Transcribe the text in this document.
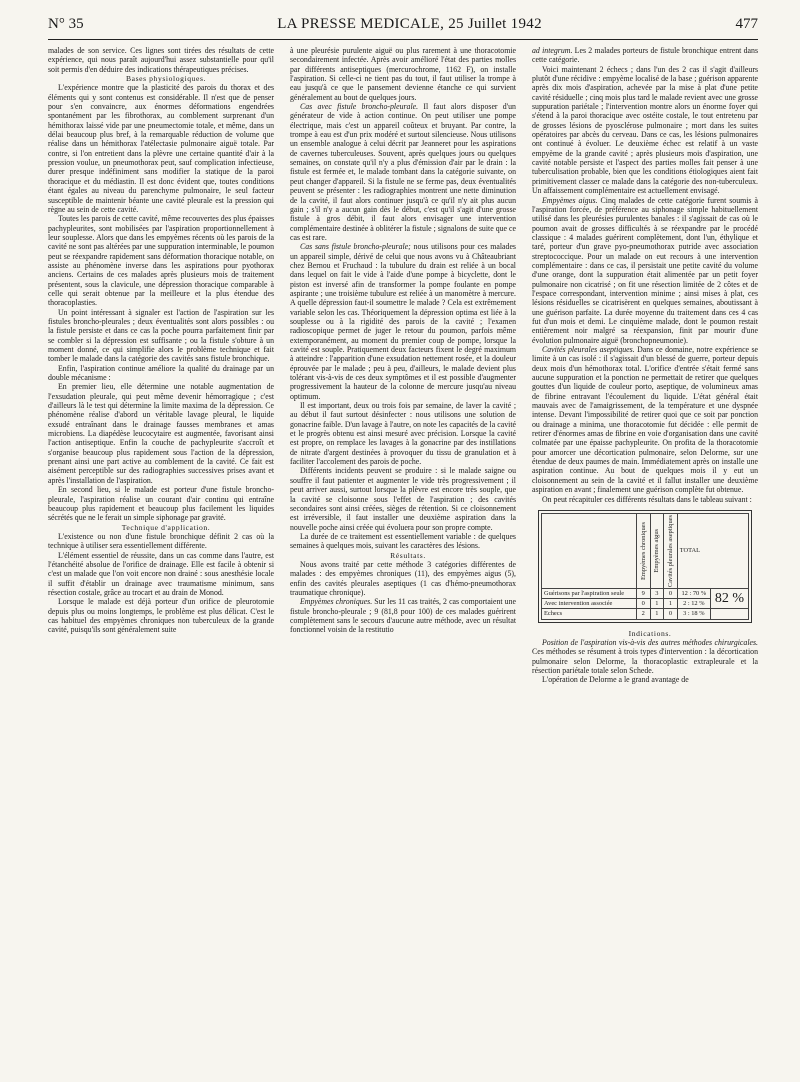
N° 35	LA PRESSE MEDICALE, 25 Juillet 1942	477

malades de son service. Ces lignes sont tirées des résultats de cette expérience, qui nous paraît aujourd'hui assez substantielle pour qu'il soit permis d'en déduire des indications thérapeutiques précises.

Bases physiologiques.

L'expérience montre que la plasticité des parois du thorax et des éléments qui y sont contenus est considérable. Il n'est que de penser pour s'en convaincre, aux énormes déformations engendrées spontanément par les fibrothorax, au comblement surprenant d'un hémithorax laissé vide par une pneumectomie totale, et même, dans un délai beaucoup plus bref, à la remarquable réduction de volume que réalise dans un hémithorax l'atélectasie pulmonaire aiguë totale. Par contre, si l'on entretient dans la plèvre une certaine quantité d'air à la pression voulue, un pneumothorax peut, sauf complication infectieuse, durer presque indéfiniment sans modifier la statique de la paroi thoracique et du médiastin. Il est donc évident que, toutes conditions étant égales au niveau du parenchyme pulmonaire, le seul facteur susceptible de maintenir béante une cavité pleurale est la pression qui règne au sein de cette cavité.

Toutes les parois de cette cavité, même recouvertes des plus épaisses pachypleurites, sont mobilisées par l'aspiration proportionnellement à leur souplesse. Alors que dans les empyèmes récents où les parois de la cavité ne sont pas altérées par une suppuration interminable, le poumon peut se réexpandre rapidement sans déformation thoracique notable, on assiste au phénomène inverse dans les aspirations pour pyothorax anciens. Certains de ces malades après plusieurs mois de traitement présentent, sous la clavicule, une dépression thoracique comparable à celle qui serait obtenue par la meilleure et la plus étendue des thoracoplasties.

Un point intéressant à signaler est l'action de l'aspiration sur les fistules broncho-pleurales ; deux éventualités sont alors possibles : ou la fistule persiste et dans ce cas la poche pourra parfaitement finir par se combler si la dépression est suffisante ; ou la fistule s'obture à un moment donné, ce qui simplifie alors le problème technique et fait tomber le malade dans la catégorie des cavités sans fistule bronchique.

Enfin, l'aspiration continue améliore la qualité du drainage par un double mécanisme :

En premier lieu, elle détermine une notable augmentation de l'exsudation pleurale, qui peut même devenir hémorragique ; c'est d'ailleurs là le test qui détermine la limite maxima de la dépression. Ce phénomène réalise d'abord un véritable lavage pleural, le liquide exsudé entraînant dans le drainage fausses membranes et amas microbiens. La diapédèse leucocytaire est augmentée, favorisant ainsi l'action antiseptique. Enfin la couche de pachypleurite s'accroît et s'organise beaucoup plus rapidement sous l'action de la dépression, prenant ainsi une part active au comblement de la cavité. Ce fait est aisément perceptible sur des radiographies successives prises avant et après l'installation de l'aspiration.

En second lieu, si le malade est porteur d'une fistule broncho-pleurale, l'aspiration réalise un courant d'air continu qui entraîne beaucoup plus rapidement et beaucoup plus facilement les liquides sécrétés que ne le ferait un simple siphonage par gravité.

Technique d'application.

L'existence ou non d'une fistule bronchique définit 2 cas où la technique à utiliser sera essentiellement différente.

L'élément essentiel de réussite, dans un cas comme dans l'autre, est l'étanchéité absolue de l'orifice de drainage. Elle est facile à obtenir si c'est un malade que l'on voit encore non drainé : sous anesthésie locale il suffit d'établir un drainage avec traumatisme minimum, sans résection costale, grâce au trocart et au drain de Monod.

Lorsque le malade est déjà porteur d'un orifice de pleurotomie depuis plus ou moins longtemps, le problème est plus délicat. C'est le cas habituel des empyèmes chroniques non tuberculeux de la grande cavité, puisqu'ils sont généralement suite

à une pleurésie purulente aiguë ou plus rarement à une thoracotomie secondairement infectée. Après avoir amélioré l'état des parties molles par différents antiseptiques (mercurochrome, 1162 F), on installe l'aspiration. Si celle-ci ne tient pas du tout, il faut utiliser la trompe à eau jusqu'à ce que le pansement devienne étanche ce qui survient généralement au bout de quelques jours.

Cas avec fistule broncho-pleurale. Il faut alors disposer d'un générateur de vide à action continue. On peut utiliser une pompe électrique, mais c'est un appareil coûteux et bruyant. Par contre, la trompe à eau est d'un prix modéré et surtout silencieuse. Nous utilisons un ensemble analogue à celui décrit par Jeanneret pour les aspirations de cavernes tuberculeuses. Souvent, après quelques jours ou quelques semaines, on constate qu'il n'y a plus d'émission d'air par le drain : la fistule est fermée et, le malade tombant dans la catégorie suivante, on peut changer d'appareil. Si la fistule ne se ferme pas, deux éventualités peuvent se présenter : les radiographies montrent une nette diminution de la cavité, il faut alors continuer jusqu'à ce qu'il n'y ait plus aucun gain ; s'il n'y a aucun gain dès le début, c'est qu'il s'agit d'une grosse fistule à gros débit, il faut alors envisager une intervention complémentaire destinée à oblitérer la fistule ; signalons de suite que ce cas est rare.

Cas sans fistule broncho-pleurale; nous utilisons pour ces malades un appareil simple, dérivé de celui que nous avons vu à Châteaubriant chez Bernou et Fruchaud : la tubulure du drain est reliée à un bocal dans lequel on fait le vide à l'aide d'une pompe à bicyclette, dont le piston est inversé afin de transformer la pompe foulante en pompe aspirante ; une troisième tubulure est reliée à un manomètre à mercure. A quelle dépression faut-il soumettre le malade ? Cela est extrêmement variable selon les cas. Théoriquement la dépression optima est liée à la souplesse ou à la rigidité des parois de la cavité ; l'examen radioscopique permet de juger le retour du poumon, parfois même extemporanément, au moment du premier coup de pompe, lorsque la cavité est souple. Pratiquement deux facteurs fixent le degré maximum à atteindre : l'apparition d'une exsudation nettement rosée, et la douleur éprouvée par le malade ; peu à peu, d'ailleurs, le malade devient plus tolérant vis-à-vis de ces deux symptômes et il est possible d'augmenter progressivement la hauteur de la colonne de mercure jusqu'au niveau optimum.

Il est important, deux ou trois fois par semaine, de laver la cavité ; au début il faut surtout désinfecter : nous utilisons une solution de gonacrine faible. D'un lavage à l'autre, on note les capacités de la cavité et le progrès obtenu est ainsi mesuré avec précision. Lorsque la cavité est propre, on remplace les lavages à la gonacrine par des instillations de nitrate d'argent destinées à provoquer du tissu de granulation et à faciliter l'accolement des parois de poche.

Différents incidents peuvent se produire : si le malade saigne ou souffre il faut patienter et augmenter le vide très progressivement ; il peut arriver aussi, surtout lorsque la plèvre est encore très souple, que la cavité se cloisonne sous l'effet de l'aspiration ; des cavités secondaires sont ainsi créées, sièges de rétention. Si ce cloisonnement est irréversible, il faut installer une deuxième aspiration dans la nouvelle poche ainsi créée qui évoluera pour son propre compte.

La durée de ce traitement est essentiellement variable : de quelques semaines à quelques mois, suivant les caractères des lésions.

Résultats.

Nous avons traité par cette méthode 3 catégories différentes de malades : des empyèmes chroniques (11), des empyèmes aigus (5), enfin des cavités pleurales aseptiques (1 cas d'hémo-pneumothorax traumatique chronique).

Empyèmes chroniques. Sur les 11 cas traités, 2 cas comportaient une fistule broncho-pleurale ; 9 (81,8 pour 100) de ces malades guérirent complètement sans le secours d'aucune autre méthode, avec un résultat fonctionnel voisin de la restitutio

ad integrum. Les 2 malades porteurs de fistule bronchique entrent dans cette catégorie.

Voici maintenant 2 échecs ; dans l'un des 2 cas il s'agit d'ailleurs plutôt d'une récidive : empyème localisé de la base ; guérison apparente après dix mois d'aspiration, achevée par la mise à plat d'une petite cavité résiduelle ; cinq mois plus tard le malade revient avec une grosse suppuration pariétale ; l'intervention montre alors un énorme foyer qui s'étend à la paroi thoracique avec ostéite costale, le tout entretenu par de grosses lésions de pyosclérose pulmonaire ; mort dans les suites opératoires par abcès du cerveau. Dans ce cas, les lésions pulmonaires ont continué à évoluer. Le deuxième échec est relatif à un vaste empyème de la grande cavité ; après plusieurs mois d'aspiration, une cavité notable persiste et l'aspect des parties molles fait penser à une tuberculisation probable, bien que les conditions étiologiques aient fait primitivement classer ce malade dans la catégorie des non-tuberculeux. Un affaissement complémentaire est actuellement envisagé.

Empyèmes aigus. Cinq malades de cette catégorie furent soumis à l'aspiration forcée, de préférence au siphonage simple habituellement utilisé dans les pleurésies purulentes banales : il s'agissait de cas où le poumon avait de grosses difficultés à se réexpandre par le procédé classique : 4 malades guérirent complètement, dont l'un, éthylique et taré, porteur d'un grave pyo-pneumothorax putride avec association streptococcique. Pour un malade on eut recours à une intervention complémentaire : dans ce cas, il persistait une petite cavité du volume d'une orange, dont la suppuration était alimentée par un petit foyer pulmonaire non cicatrisé ; on fit une résection limitée de 2 côtes et de l'espace correspondant, intervention minime ; ainsi mises à plat, ces lésions résiduelles se cicatrisèrent en quelques semaines, aboutissant à une guérison parfaite. La durée moyenne du traitement dans ces 4 cas fut d'un mois et demi. Le cinquième malade, dont le poumon restait entièrement noir malgré sa réexpansion, finit par mourir d'une évolution pulmonaire aiguë (bronchopneumonie).

Cavités pleurales aseptiques. Dans ce domaine, notre expérience se limite à un cas isolé : il s'agissait d'un blessé de guerre, porteur depuis deux mois d'un hémothorax total. L'orifice d'entrée s'était fermé sans aucune suppuration et la ponction ne permettait de retirer que quelques gouttes d'un liquide de couleur porto, aseptique, de volumineux amas de fibrine entravant l'écoulement du liquide. L'état général était mauvais avec de l'amaigrissement, de la température et une dyspnée intense. Devant l'impossibilité de retirer quoi que ce soit par ponction ou drainage a minima, une thoracotomie fut décidée : elle permit de retirer d'énormes amas de fibrine en voie d'organisation dans une cavité colmatée par une épaisse pachypleurite. On profita de la thoracotomie pour amorcer une décortication pulmonaire, selon Delorme, sur une étendue de deux paumes de main. Immédiatement après on installe une aspiration continue. Au bout de quelques mois il y eut un cloisonnement au sein de la cavité et il fallut installer une deuxième aspiration en avant ; finalement une guérison complète fut obtenue.

On peut récapituler ces différents résultats dans le tableau suivant :

	Empyèmes chroniques	Empyèmes aigus	Cavités pleurales aseptiques	TOTAL	
Guérisons par l'aspiration seule	9	3	0	12 : 70 %	82 %
Avec intervention associée	0	1	1	2 : 12 %	
Echecs	2	1	0	3 : 18 %	

Indications.

Position de l'aspiration vis-à-vis des autres méthodes chirurgicales. Ces méthodes se résument à trois types d'intervention : la décortication pulmonaire selon Delorme, la thoracoplastic extrapleurale et la résection pariétale totale selon Schede.

L'opération de Delorme a le grand avantage de
